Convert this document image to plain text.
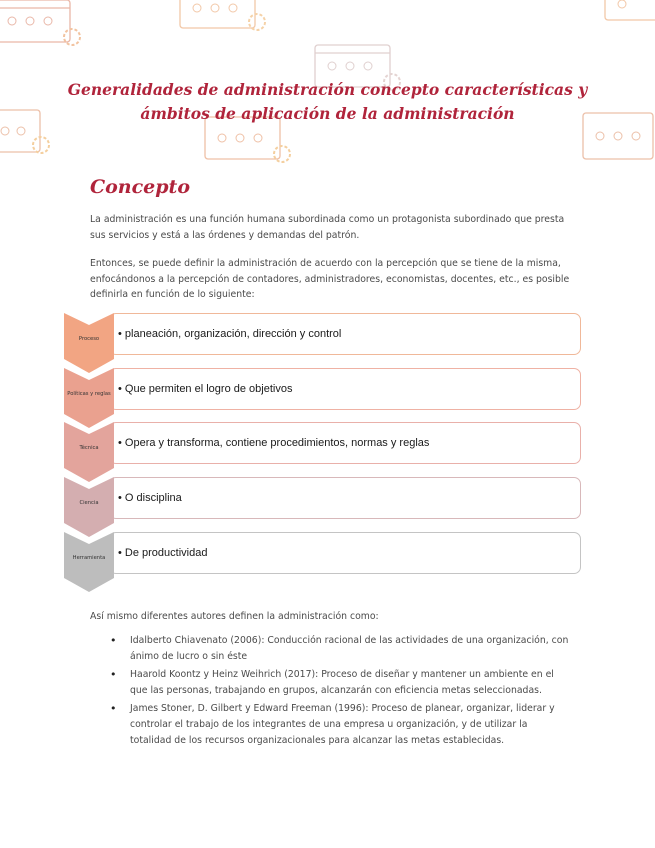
Generalidades de administración concepto características y ámbitos de aplicación de la administración
Concepto
La administración es una función humana subordinada como un protagonista subordinado que presta sus servicios y está a las órdenes y demandas del patrón.
Entonces, se puede definir la administración de acuerdo con la percepción que se tiene de la misma, enfocándonos a la percepción de contadores, administradores, economistas, docentes, etc., es posible definirla en función de lo siguiente:
• planeación, organización, dirección y control
Proceso
• Que permiten el logro de objetivos
Políticas y reglas
• Opera y transforma, contiene procedimientos, normas y reglas
Técnica
• O disciplina
Ciencia
• De productividad
Herramienta
Así mismo diferentes autores definen la administración como:
• Idalberto Chiavenato (2006): Conducción racional de las actividades de una organización, con ánimo de lucro o sin éste
• Haarold Koontz y Heinz Weihrich (2017): Proceso de diseñar y mantener un ambiente en el que las personas, trabajando en grupos, alcanzarán con eficiencia metas seleccionadas.
• James Stoner, D. Gilbert y Edward Freeman (1996): Proceso de planear, organizar, liderar y controlar el trabajo de los integrantes de una empresa u organización, y de utilizar la totalidad de los recursos organizacionales para alcanzar las metas establecidas.
